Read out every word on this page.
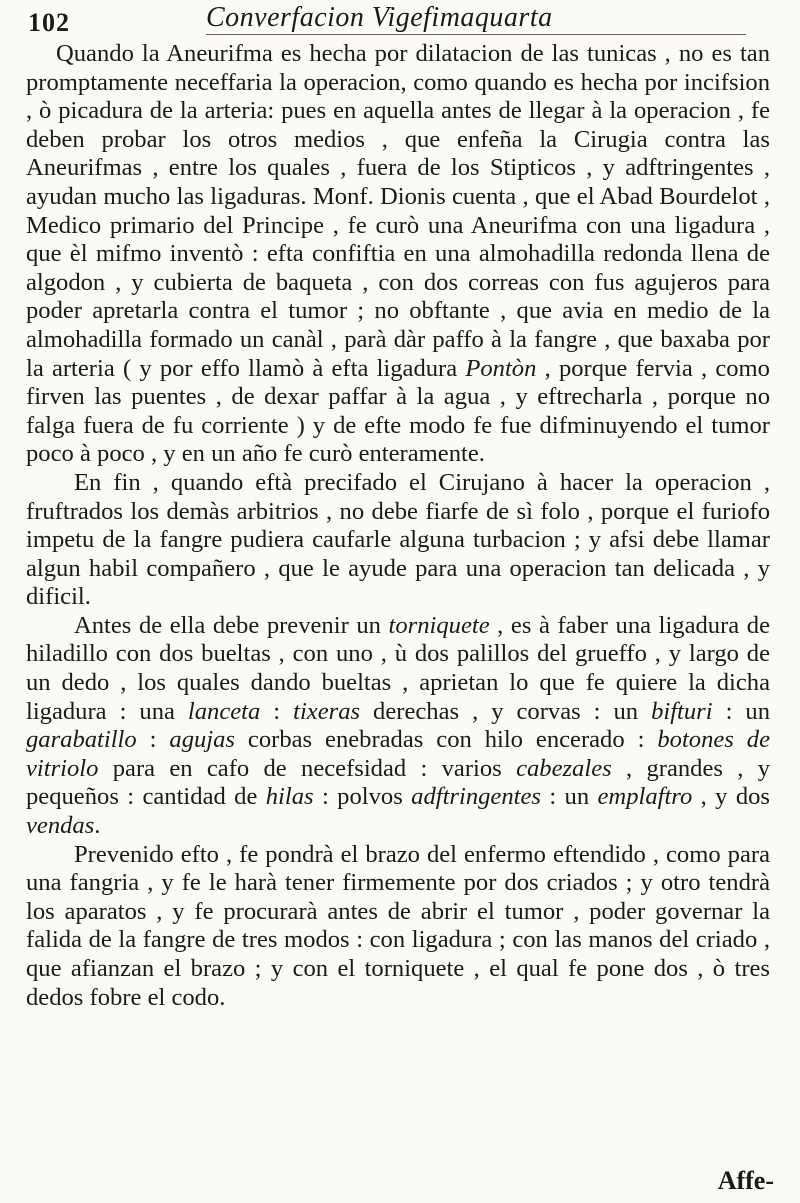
102	Converfacion Vigefimaquarta

Quando la Aneurifma es hecha por dilatacion de las tunicas , no es tan promptamente neceffaria la operacion, como quando es hecha por incifsion , ò picadura de la arteria: pues en aquella antes de llegar à la operacion , fe deben probar los otros medios , que enfeña la Cirugia contra las Aneurifmas , entre los quales , fuera de los Stipticos , y adftringentes , ayudan mucho las ligaduras. Monf. Dionis cuenta , que el Abad Bourdelot , Medico primario del Principe , fe curò una Aneurifma con una ligadura , que èl mifmo inventò : efta confiftia en una almohadilla redonda llena de algodon , y cubierta de baqueta , con dos correas con fus agujeros para poder apretarla contra el tumor ; no obftante , que avia en medio de la almohadilla formado un canàl , parà dàr paffo à la fangre , que baxaba por la arteria ( y por effo llamò à efta ligadura Pontòn , porque fervia , como firven las puentes , de dexar paffar à la agua , y eftrecharla , porque no falga fuera de fu corriente ) y de efte modo fe fue difminuyendo el tumor poco à poco , y en un año fe curò enteramente.

En fin , quando eftà precifado el Cirujano à hacer la operacion , fruftrados los demàs arbitrios , no debe fiarfe de sì folo , porque el furiofo impetu de la fangre pudiera caufarle alguna turbacion ; y afsi debe llamar algun habil compañero , que le ayude para una operacion tan delicada , y dificil.

Antes de ella debe prevenir un torniquete , es à faber una ligadura de hiladillo con dos bueltas , con uno , ù dos palillos del grueffo , y largo de un dedo , los quales dando bueltas , aprietan lo que fe quiere la dicha ligadura : una lanceta : tixeras derechas , y corvas : un bifturi : un garabatillo : agujas corbas enebradas con hilo encerado : botones de vitriolo para en cafo de necefsidad : varios cabezales , grandes , y pequeños : cantidad de hilas : polvos adftringentes : un emplaftro , y dos vendas.

Prevenido efto , fe pondrà el brazo del enfermo eftendido , como para una fangria , y fe le harà tener firmemente por dos criados ; y otro tendrà los aparatos , y fe procurarà antes de abrir el tumor , poder governar la falida de la fangre de tres modos : con ligadura ; con las manos del criado , que afianzan el brazo ; y con el torniquete , el qual fe pone dos , ò tres dedos fobre el codo.

Affe-
